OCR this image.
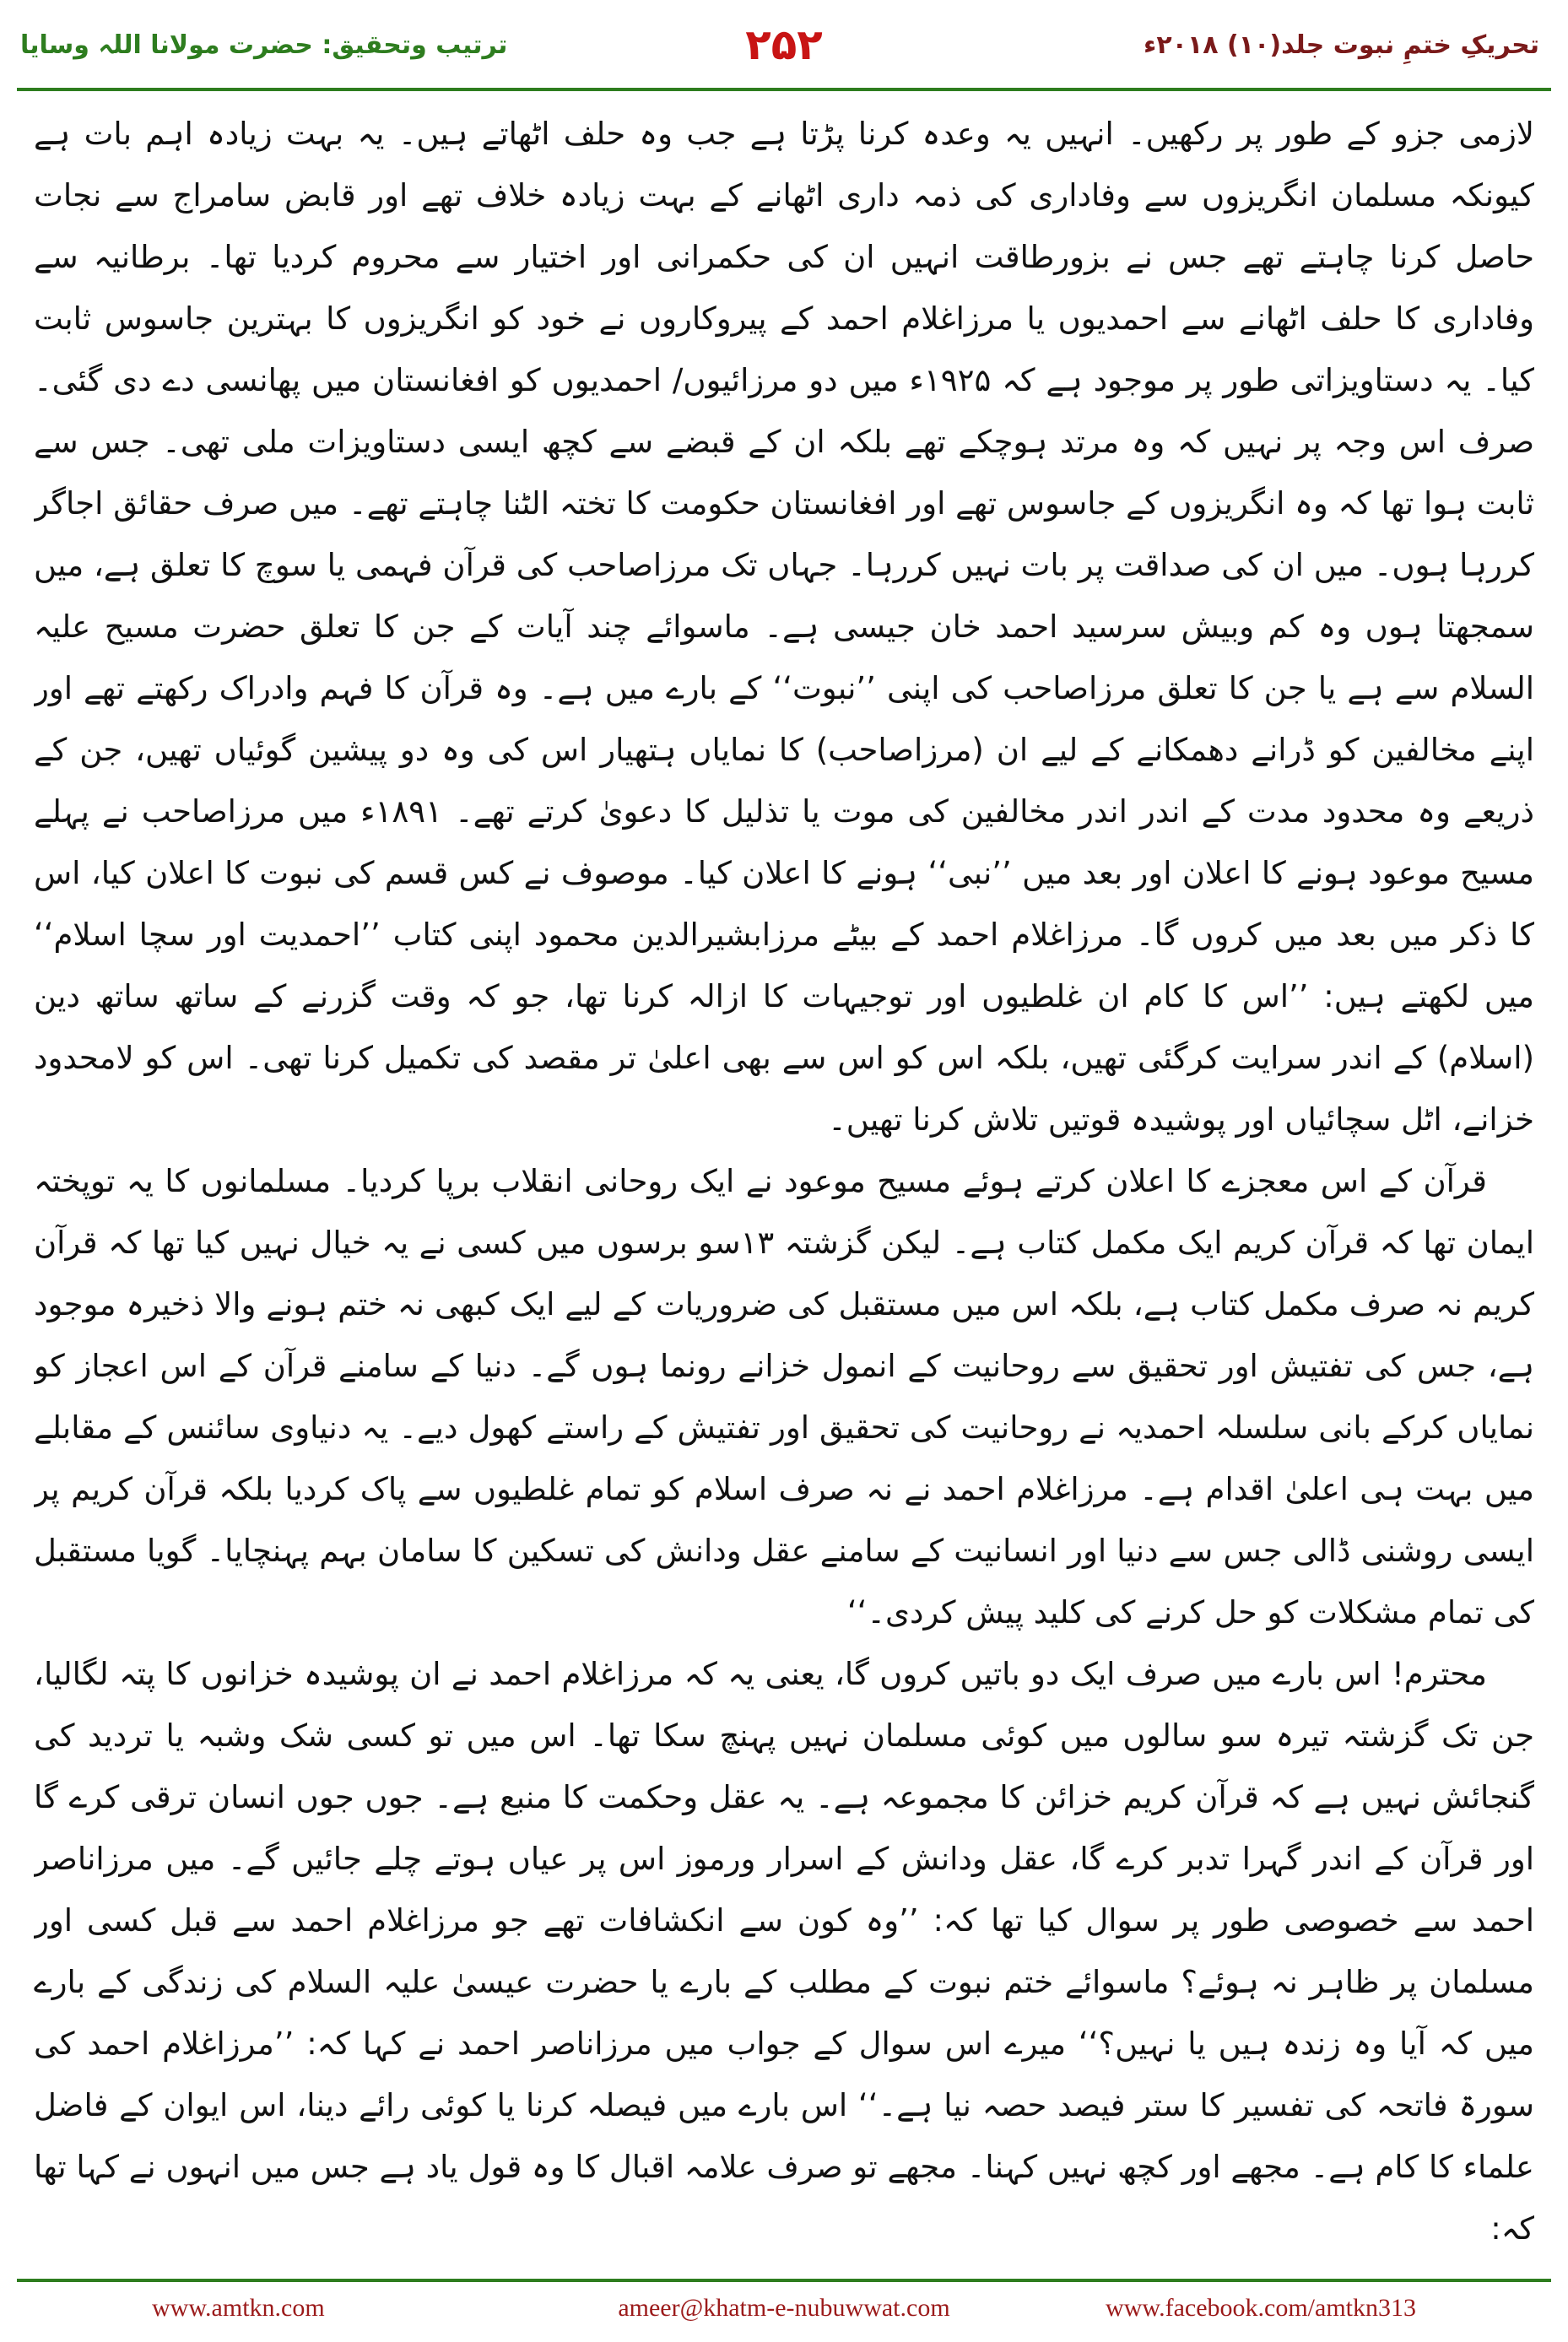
ترتیب وتحقیق: حضرت مولانا اللہ وسایا	۲۵۲	تحریکِ ختمِ نبوت جلد(۱۰) ۲۰۱۸ء

لازمی جزو کے طور پر رکھیں۔ انہیں یہ وعدہ کرنا پڑتا ہے جب وہ حلف اٹھاتے ہیں۔ یہ بہت زیادہ اہم بات ہے کیونکہ مسلمان انگریزوں سے وفاداری کی ذمہ داری اٹھانے کے بہت زیادہ خلاف تھے اور قابض سامراج سے نجات حاصل کرنا چاہتے تھے جس نے بزورطاقت انہیں ان کی حکمرانی اور اختیار سے محروم کردیا تھا۔ برطانیہ سے وفاداری کا حلف اٹھانے سے احمدیوں یا مرزاغلام احمد کے پیروکاروں نے خود کو انگریزوں کا بہترین جاسوس ثابت کیا۔ یہ دستاویزاتی طور پر موجود ہے کہ ۱۹۲۵ء میں دو مرزائیوں/ احمدیوں کو افغانستان میں پھانسی دے دی گئی۔ صرف اس وجہ پر نہیں کہ وہ مرتد ہوچکے تھے بلکہ ان کے قبضے سے کچھ ایسی دستاویزات ملی تھی۔ جس سے ثابت ہوا تھا کہ وہ انگریزوں کے جاسوس تھے اور افغانستان حکومت کا تختہ الٹنا چاہتے تھے۔ میں صرف حقائق اجاگر کررہا ہوں۔ میں ان کی صداقت پر بات نہیں کررہا۔ جہاں تک مرزاصاحب کی قرآن فہمی یا سوچ کا تعلق ہے، میں سمجھتا ہوں وہ کم وبیش سرسید احمد خان جیسی ہے۔ ماسوائے چند آیات کے جن کا تعلق حضرت مسیح علیہ السلام سے ہے یا جن کا تعلق مرزاصاحب کی اپنی ’’نبوت‘‘ کے بارے میں ہے۔ وہ قرآن کا فہم وادراک رکھتے تھے اور اپنے مخالفین کو ڈرانے دھمکانے کے لیے ان (مرزاصاحب) کا نمایاں ہتھیار اس کی وہ دو پیشین گوئیاں تھیں، جن کے ذریعے وہ محدود مدت کے اندر اندر مخالفین کی موت یا تذلیل کا دعویٰ کرتے تھے۔ ۱۸۹۱ء میں مرزاصاحب نے پہلے مسیح موعود ہونے کا اعلان اور بعد میں ’’نبی‘‘ ہونے کا اعلان کیا۔ موصوف نے کس قسم کی نبوت کا اعلان کیا، اس کا ذکر میں بعد میں کروں گا۔ مرزاغلام احمد کے بیٹے مرزابشیرالدین محمود اپنی کتاب ’’احمدیت اور سچا اسلام‘‘ میں لکھتے ہیں: ’’اس کا کام ان غلطیوں اور توجیہات کا ازالہ کرنا تھا، جو کہ وقت گزرنے کے ساتھ ساتھ دین (اسلام) کے اندر سرایت کرگئی تھیں، بلکہ اس کو اس سے بھی اعلیٰ تر مقصد کی تکمیل کرنا تھی۔ اس کو لامحدود خزانے، اٹل سچائیاں اور پوشیدہ قوتیں تلاش کرنا تھیں۔

قرآن کے اس معجزے کا اعلان کرتے ہوئے مسیح موعود نے ایک روحانی انقلاب برپا کردیا۔ مسلمانوں کا یہ توپختہ ایمان تھا کہ قرآن کریم ایک مکمل کتاب ہے۔ لیکن گزشتہ ۱۳سو برسوں میں کسی نے یہ خیال نہیں کیا تھا کہ قرآن کریم نہ صرف مکمل کتاب ہے، بلکہ اس میں مستقبل کی ضروریات کے لیے ایک کبھی نہ ختم ہونے والا ذخیرہ موجود ہے، جس کی تفتیش اور تحقیق سے روحانیت کے انمول خزانے رونما ہوں گے۔ دنیا کے سامنے قرآن کے اس اعجاز کو نمایاں کرکے بانی سلسلہ احمدیہ نے روحانیت کی تحقیق اور تفتیش کے راستے کھول دیے۔ یہ دنیاوی سائنس کے مقابلے میں بہت ہی اعلیٰ اقدام ہے۔ مرزاغلام احمد نے نہ صرف اسلام کو تمام غلطیوں سے پاک کردیا بلکہ قرآن کریم پر ایسی روشنی ڈالی جس سے دنیا اور انسانیت کے سامنے عقل ودانش کی تسکین کا سامان بہم پہنچایا۔ گویا مستقبل کی تمام مشکلات کو حل کرنے کی کلید پیش کردی۔‘‘

محترم! اس بارے میں صرف ایک دو باتیں کروں گا، یعنی یہ کہ مرزاغلام احمد نے ان پوشیدہ خزانوں کا پتہ لگالیا، جن تک گزشتہ تیرہ سو سالوں میں کوئی مسلمان نہیں پہنچ سکا تھا۔ اس میں تو کسی شک وشبہ یا تردید کی گنجائش نہیں ہے کہ قرآن کریم خزائن کا مجموعہ ہے۔ یہ عقل وحکمت کا منبع ہے۔ جوں جوں انسان ترقی کرے گا اور قرآن کے اندر گہرا تدبر کرے گا، عقل ودانش کے اسرار ورموز اس پر عیاں ہوتے چلے جائیں گے۔ میں مرزاناصر احمد سے خصوصی طور پر سوال کیا تھا کہ: ’’وہ کون سے انکشافات تھے جو مرزاغلام احمد سے قبل کسی اور مسلمان پر ظاہر نہ ہوئے؟ ماسوائے ختم نبوت کے مطلب کے بارے یا حضرت عیسیٰ علیہ السلام کی زندگی کے بارے میں کہ آیا وہ زندہ ہیں یا نہیں؟‘‘ میرے اس سوال کے جواب میں مرزاناصر احمد نے کہا کہ: ’’مرزاغلام احمد کی سورۃ فاتحہ کی تفسیر کا ستر فیصد حصہ نیا ہے۔‘‘ اس بارے میں فیصلہ کرنا یا کوئی رائے دینا، اس ایوان کے فاضل علماء کا کام ہے۔ مجھے اور کچھ نہیں کہنا۔ مجھے تو صرف علامہ اقبال کا وہ قول یاد ہے جس میں انہوں نے کہا تھا کہ:

ameer@khatm-e-nubuwwat.com
www.amtkn.com	www.facebook.com/amtkn313
